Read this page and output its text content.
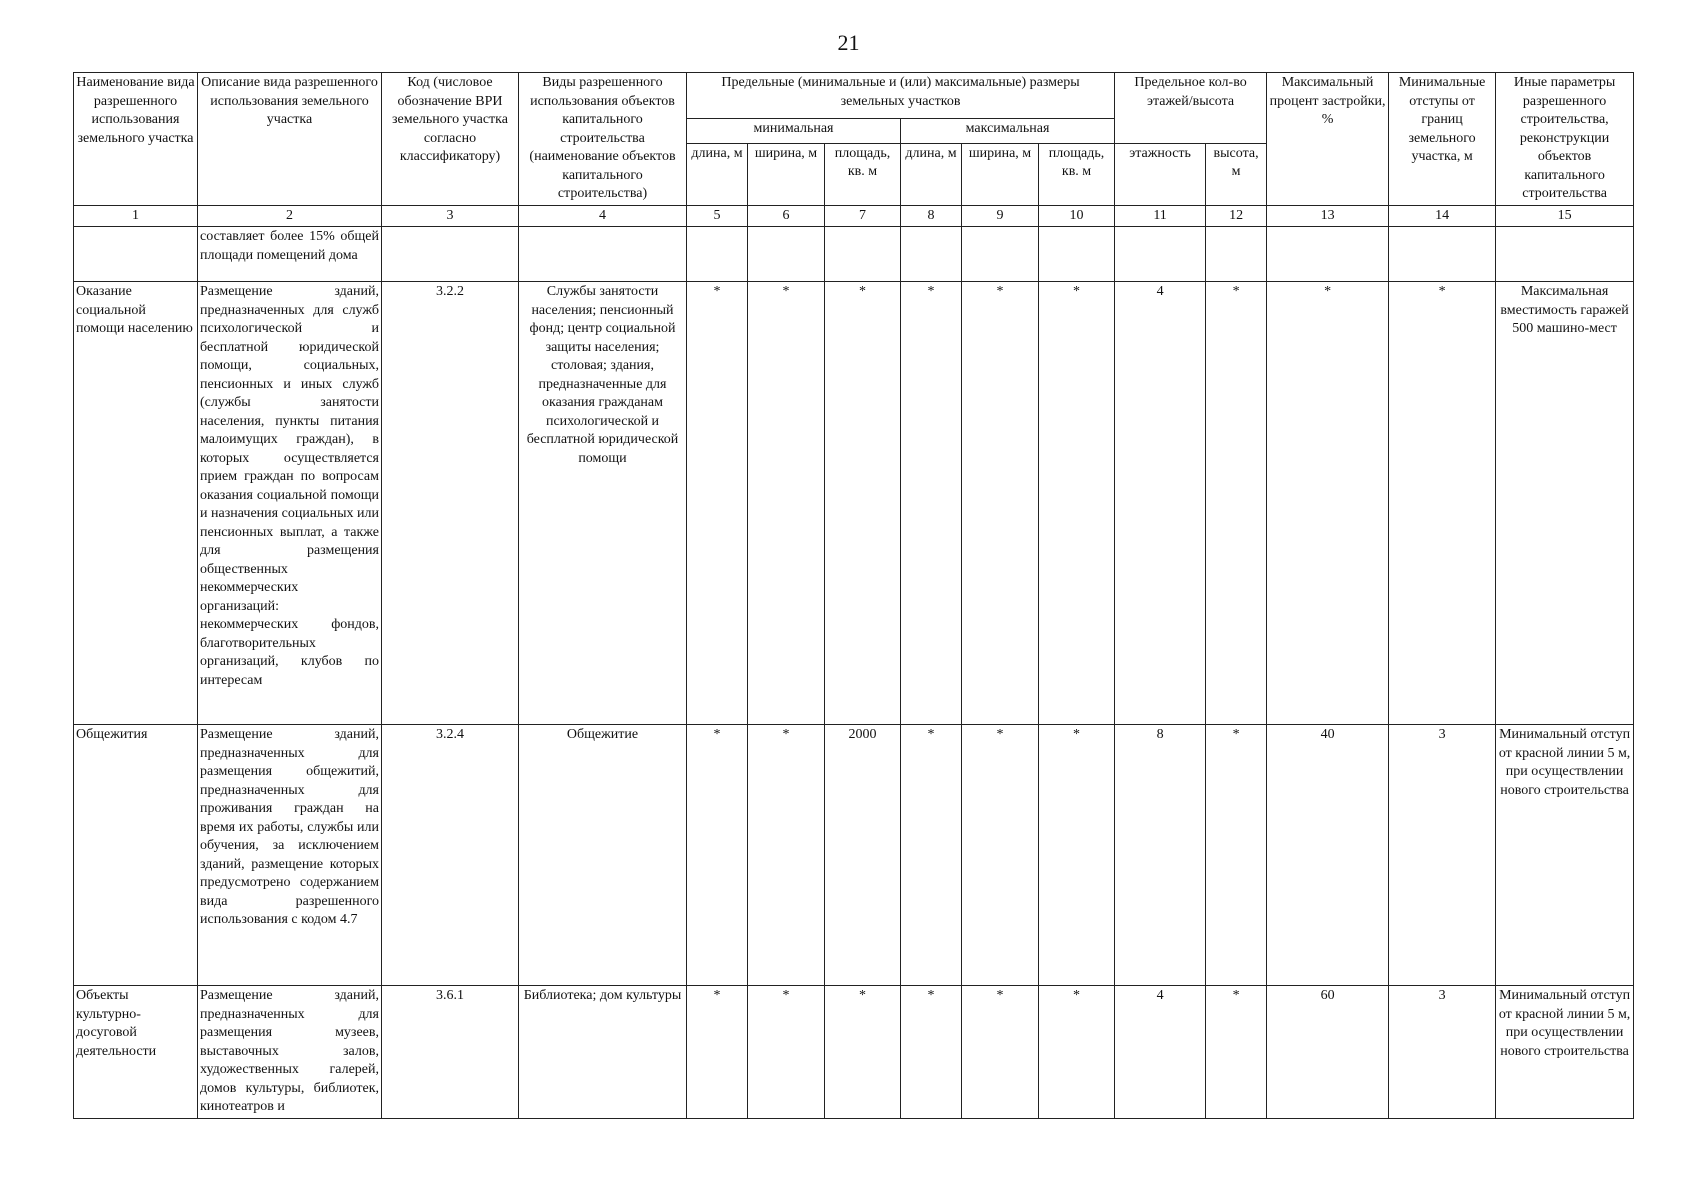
21
Наименование вида разрешенного использования земельного участка	Описание вида разрешенного использования земельного участка	Код (числовое обозначение ВРИ земельного участка согласно классификатору)	Виды разрешенного использования объектов капитального строительства (наименование объектов капитального строительства)	Предельные (минимальные и (или) максимальные) размеры земельных участков						Предельное кол-во этажей/высота		Максимальный процент застройки, %	Минимальные отступы от границ земельного участка, м	Иные параметры разрешенного строительства, реконструкции объектов капитального строительства
				минимальная			максимальная							
				длина, м	ширина, м	площадь, кв. м	длина, м	ширина, м	площадь, кв. м	этажность	высота, м			
1	2	3	4	5	6	7	8	9	10	11	12	13	14	15
	составляет более 15% общей площади помещений дома													
Оказание социальной помощи населению	Размещение зданий, предназначенных для служб психологической и бесплатной юридической помощи, социальных, пенсионных и иных служб (службы занятости населения, пункты питания малоимущих граждан), в которых осуществляется прием граждан по вопросам оказания социальной помощи и назначения социальных или пенсионных выплат, а также для размещения общественных некоммерческих организаций: некоммерческих фондов, благотворительных организаций, клубов по интересам	3.2.2	Службы занятости населения; пенсионный фонд; центр социальной защиты населения; столовая; здания, предназначенные для оказания гражданам психологической и бесплатной юридической помощи	*	*	*	*	*	*	4	*	*	*	Максимальная вместимость гаражей 500 машино-мест
Общежития	Размещение зданий, предназначенных для размещения общежитий, предназначенных для проживания граждан на время их работы, службы или обучения, за исключением зданий, размещение которых предусмотрено содержанием вида разрешенного использования с кодом 4.7	3.2.4	Общежитие	*	*	2000	*	*	*	8	*	40	3	Минимальный отступ от красной линии 5 м, при осуществлении нового строительства
Объекты культурно-досуговой деятельности	Размещение зданий, предназначенных для размещения музеев, выставочных залов, художественных галерей, домов культуры, библиотек, кинотеатров и	3.6.1	Библиотека; дом культуры	*	*	*	*	*	*	4	*	60	3	Минимальный отступ от красной линии 5 м, при осуществлении нового строительства
